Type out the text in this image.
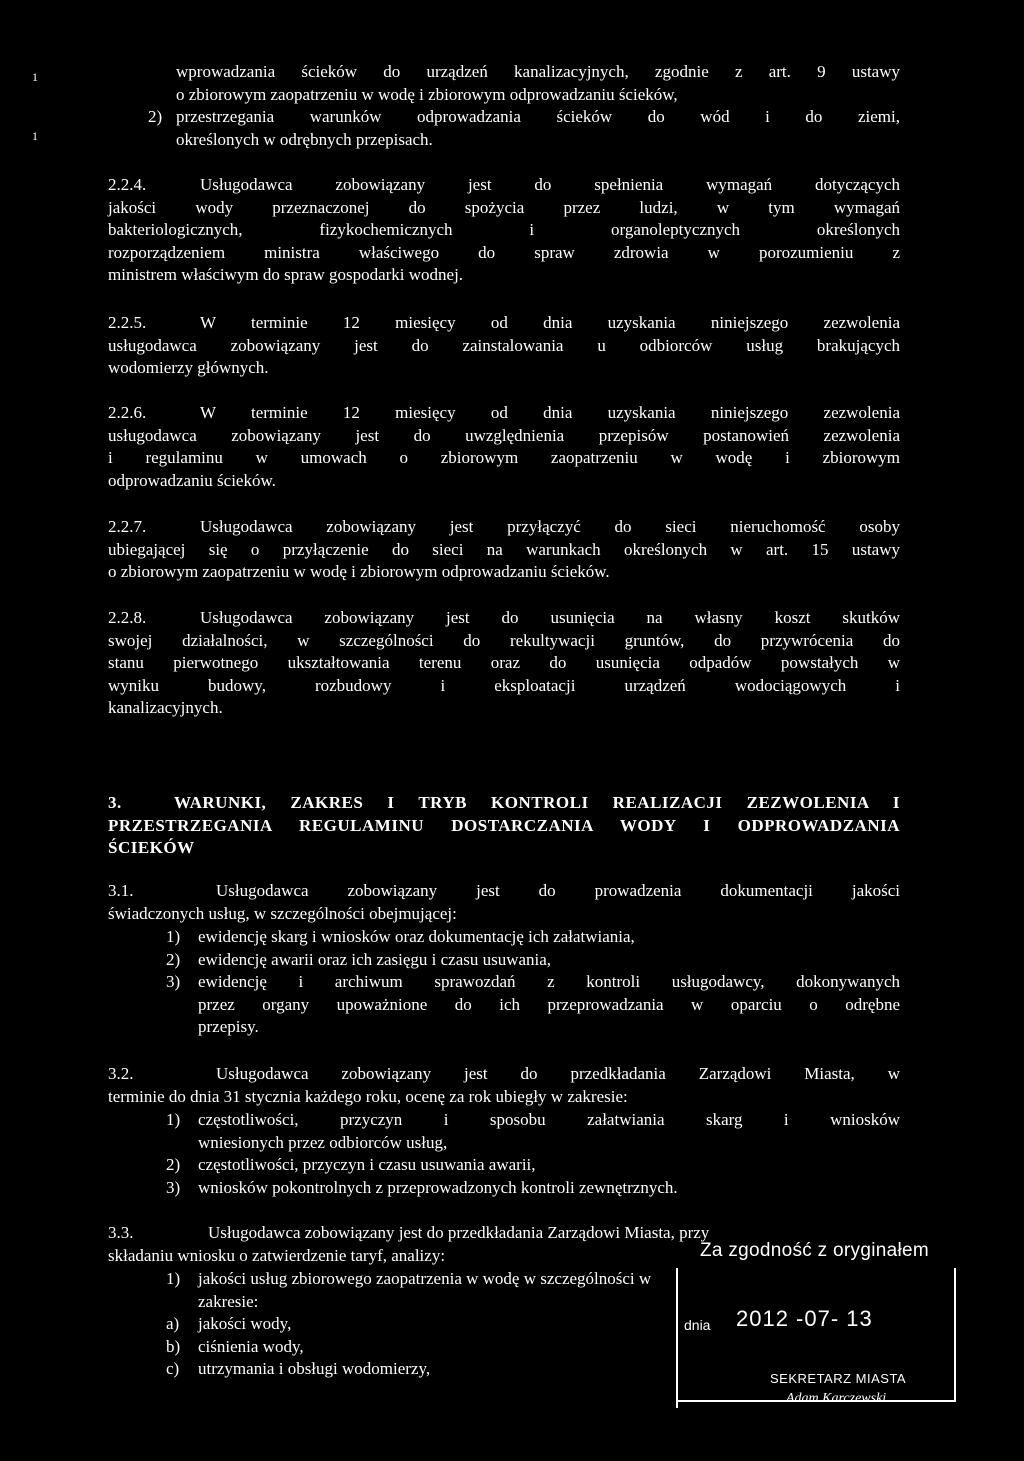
1
1
wprowadzania ścieków do urządzeń kanalizacyjnych, zgodnie z art. 9 ustawy
o zbiorowym zaopatrzeniu w wodę i zbiorowym odprowadzaniu ścieków,
2) przestrzegania warunków odprowadzania ścieków do wód i do ziemi,
określonych w odrębnych przepisach.
2.2.4.	Usługodawca zobowiązany jest do spełnienia wymagań dotyczących
jakości wody przeznaczonej do spożycia przez ludzi, w tym wymagań
bakteriologicznych, fizykochemicznych i organoleptycznych określonych
rozporządzeniem ministra właściwego do spraw zdrowia w porozumieniu z
ministrem właściwym do spraw gospodarki wodnej.
2.2.5.	W terminie 12 miesięcy od dnia uzyskania niniejszego zezwolenia
usługodawca zobowiązany jest do zainstalowania u odbiorców usług brakujących
wodomierzy głównych.
2.2.6.	W terminie 12 miesięcy od dnia uzyskania niniejszego zezwolenia
usługodawca zobowiązany jest do uwzględnienia przepisów postanowień zezwolenia
i regulaminu w umowach o zbiorowym zaopatrzeniu w wodę i zbiorowym
odprowadzaniu ścieków.
2.2.7.	Usługodawca zobowiązany jest przyłączyć do sieci nieruchomość osoby
ubiegającej się o przyłączenie do sieci na warunkach określonych w art. 15 ustawy
o zbiorowym zaopatrzeniu w wodę i zbiorowym odprowadzaniu ścieków.
2.2.8.	Usługodawca zobowiązany jest do usunięcia na własny koszt skutków
swojej działalności, w szczególności do rekultywacji gruntów, do przywrócenia do
stanu pierwotnego ukształtowania terenu oraz do usunięcia odpadów powstałych w
wyniku budowy, rozbudowy i eksploatacji urządzeń wodociągowych i
kanalizacyjnych.
3.	WARUNKI, ZAKRES I TRYB KONTROLI REALIZACJI ZEZWOLENIA I
PRZESTRZEGANIA REGULAMINU DOSTARCZANIA WODY I ODPROWADZANIA
ŚCIEKÓW
3.1.	Usługodawca zobowiązany jest do prowadzenia dokumentacji jakości
świadczonych usług, w szczególności obejmującej:
1) ewidencję skarg i wniosków oraz dokumentację ich załatwiania,
2) ewidencję awarii oraz ich zasięgu i czasu usuwania,
3) ewidencję i archiwum sprawozdań z kontroli usługodawcy, dokonywanych
przez organy upoważnione do ich przeprowadzania w oparciu o odrębne
przepisy.
3.2.	Usługodawca zobowiązany jest do przedkładania Zarządowi Miasta, w
terminie do dnia 31 stycznia każdego roku, ocenę za rok ubiegły w zakresie:
1) częstotliwości, przyczyn i sposobu załatwiania skarg i wniosków
wniesionych przez odbiorców usług,
2) częstotliwości, przyczyn i czasu usuwania awarii,
3) wniosków pokontrolnych z przeprowadzonych kontroli zewnętrznych.
3.3.	Usługodawca zobowiązany jest do przedkładania Zarządowi Miasta, przy
składaniu wniosku o zatwierdzenie taryf, analizy:
1) jakości usług zbiorowego zaopatrzenia w wodę w szczególności w
zakresie:
a) jakości wody,
b) ciśnienia wody,
c) utrzymania i obsługi wodomierzy,
Za zgodność z oryginałem
dnia 2012 -07- 13
SEKRETARZ MIASTA
Adam Karczewski
